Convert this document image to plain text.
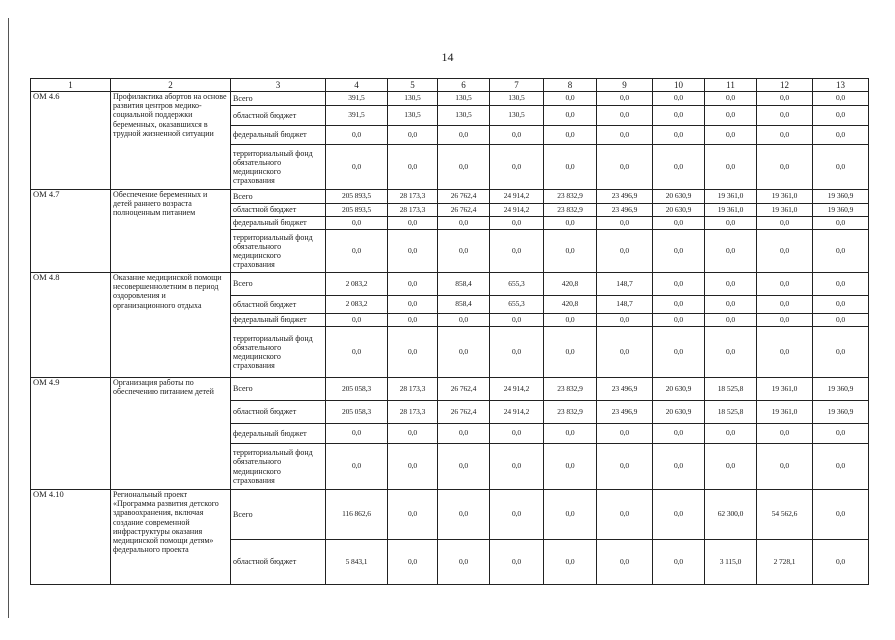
14
1	2	3	4	5	6	7	8	9	10	11	12	13
ОМ 4.6	Профилактика абортов на основе развития центров медико-социальной поддержки беременных, оказавшихся в трудной жизненной ситуации	Всего	391,5	130,5	130,5	130,5	0,0	0,0	0,0	0,0	0,0	0,0
		областной бюджет	391,5	130,5	130,5	130,5	0,0	0,0	0,0	0,0	0,0	0,0
		федеральный бюджет	0,0	0,0	0,0	0,0	0,0	0,0	0,0	0,0	0,0	0,0
		территориальный фонд обязательного медицинского страхования	0,0	0,0	0,0	0,0	0,0	0,0	0,0	0,0	0,0	0,0
ОМ 4.7	Обеспечение беременных и детей раннего возраста полноценным питанием	Всего	205 893,5	28 173,3	26 762,4	24 914,2	23 832,9	23 496,9	20 630,9	19 361,0	19 361,0	19 360,9
		областной бюджет	205 893,5	28 173,3	26 762,4	24 914,2	23 832,9	23 496,9	20 630,9	19 361,0	19 361,0	19 360,9
		федеральный бюджет	0,0	0,0	0,0	0,0	0,0	0,0	0,0	0,0	0,0	0,0
		территориальный фонд обязательного медицинского страхования	0,0	0,0	0,0	0,0	0,0	0,0	0,0	0,0	0,0	0,0
ОМ 4.8	Оказание медицинской помощи несовершеннолетним в период оздоровления и организационного отдыха	Всего	2 083,2	0,0	858,4	655,3	420,8	148,7	0,0	0,0	0,0	0,0
		областной бюджет	2 083,2	0,0	858,4	655,3	420,8	148,7	0,0	0,0	0,0	0,0
		федеральный бюджет	0,0	0,0	0,0	0,0	0,0	0,0	0,0	0,0	0,0	0,0
		территориальный фонд обязательного медицинского страхования	0,0	0,0	0,0	0,0	0,0	0,0	0,0	0,0	0,0	0,0
ОМ 4.9	Организация работы по обеспечению питанием детей	Всего	205 058,3	28 173,3	26 762,4	24 914,2	23 832,9	23 496,9	20 630,9	18 525,8	19 361,0	19 360,9
		областной бюджет	205 058,3	28 173,3	26 762,4	24 914,2	23 832,9	23 496,9	20 630,9	18 525,8	19 361,0	19 360,9
		федеральный бюджет	0,0	0,0	0,0	0,0	0,0	0,0	0,0	0,0	0,0	0,0
		территориальный фонд обязательного медицинского страхования	0,0	0,0	0,0	0,0	0,0	0,0	0,0	0,0	0,0	0,0
ОМ 4.10	Региональный проект «Программа развития детского здравоохранения, включая создание современной инфраструктуры оказания медицинской помощи детям» федерального проекта	Всего	116 862,6	0,0	0,0	0,0	0,0	0,0	0,0	62 300,0	54 562,6	0,0
		областной бюджет	5 843,1	0,0	0,0	0,0	0,0	0,0	0,0	3 115,0	2 728,1	0,0
